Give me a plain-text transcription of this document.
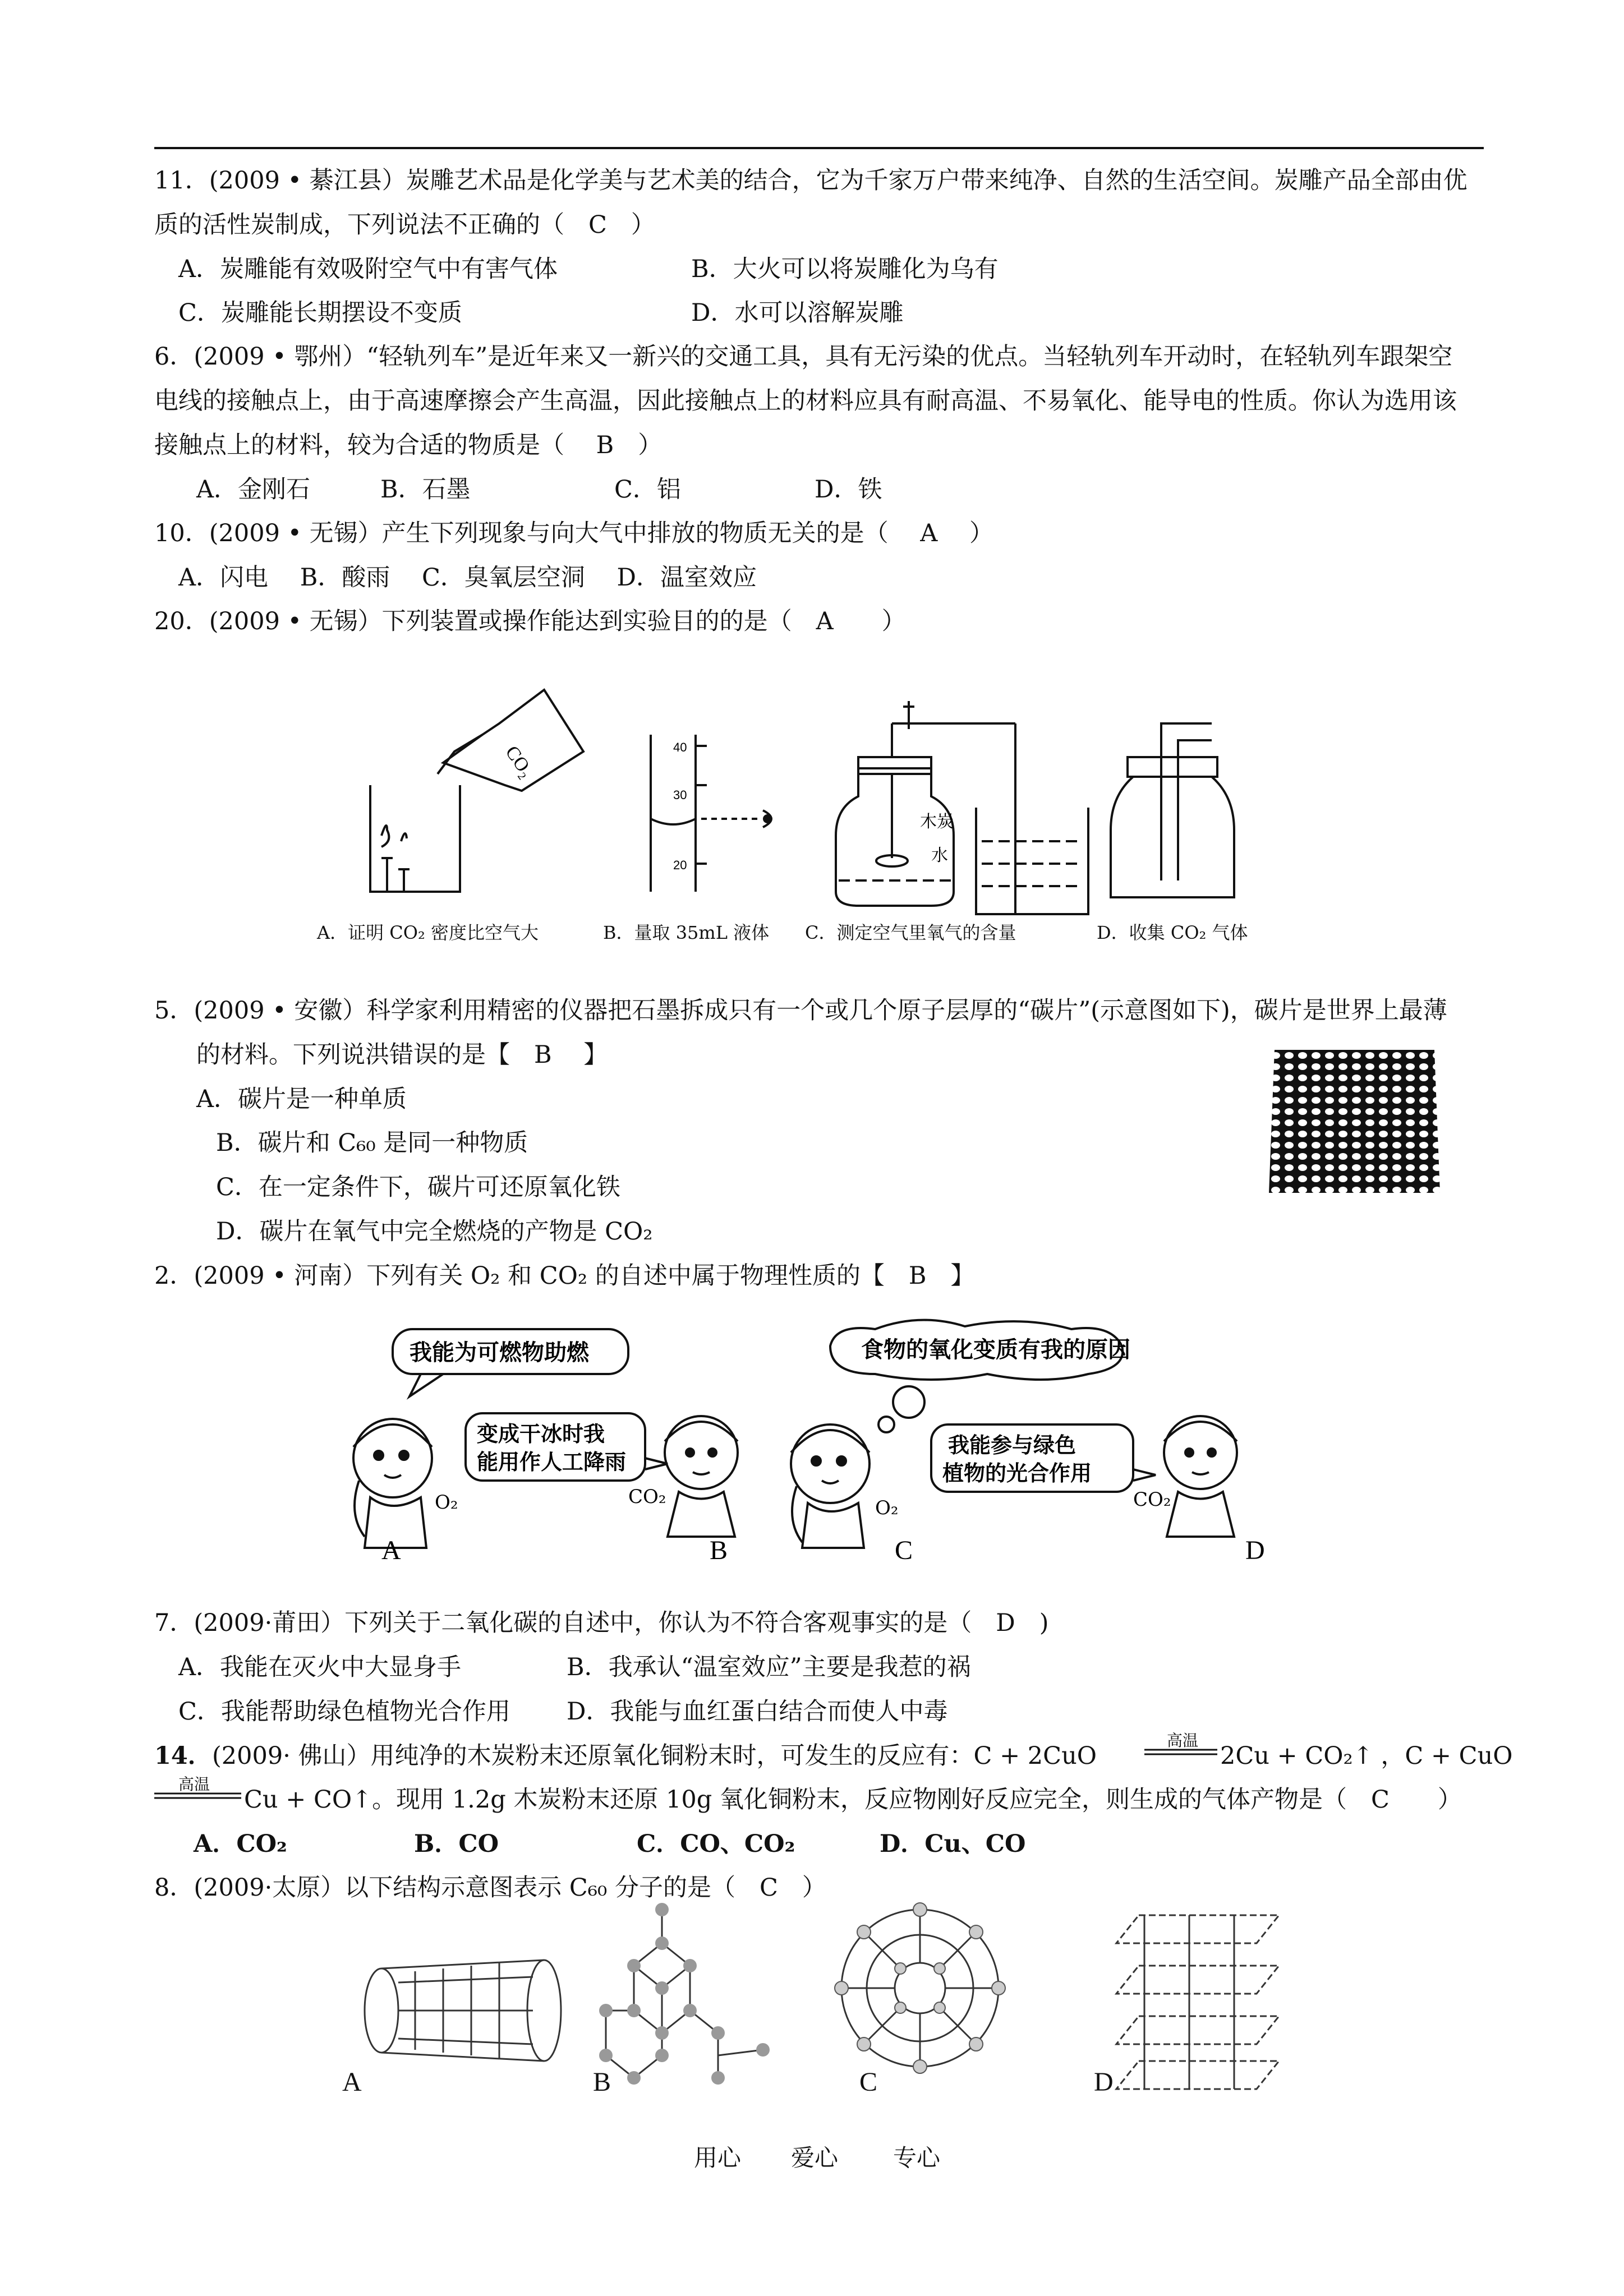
11．(2009 • 綦江县）炭雕艺术品是化学美与艺术美的结合，它为千家万户带来纯净、自然的生活空间。炭雕产品全部由优
质的活性炭制成，下列说法不正确的（　C　）
A．炭雕能有效吸附空气中有害气体	B．大火可以将炭雕化为乌有
C．炭雕能长期摆设不变质	D．水可以溶解炭雕
6．(2009 • 鄂州）“轻轨列车”是近年来又一新兴的交通工具，具有无污染的优点。当轻轨列车开动时，在轻轨列车跟架空
电线的接触点上，由于高速摩擦会产生高温，因此接触点上的材料应具有耐高温、不易氧化、能导电的性质。你认为选用该
接触点上的材料，较为合适的物质是（　 B　）
A．金刚石	B．石墨	C．铝	D．铁
10．(2009 • 无锡）产生下列现象与向大气中排放的物质无关的是（　 A　 ）
A．闪电　 B．酸雨　 C．臭氧层空洞　 D．温室效应
20．(2009 • 无锡）下列装置或操作能达到实验目的的是（　A　　）
CO₂	40
30
20
木炭
水
A．证明 CO₂ 密度比空气大	B．量取 35mL 液体 C．测定空气里氧气的含量	D．收集 CO₂ 气体
5．(2009 • 安徽）科学家利用精密的仪器把石墨拆成只有一个或几个原子层厚的“碳片”(示意图如下)，碳片是世界上最薄
的材料。下列说洪错误的是【　B　 】
A．碳片是一种单质
B．碳片和 C₆₀ 是同一种物质
C．在一定条件下，碳片可还原氧化铁
D．碳片在氧气中完全燃烧的产物是 CO₂
2．(2009 • 河南）下列有关 O₂ 和 CO₂ 的自述中属于物理性质的【　B　】
我能为可燃物助燃
变成干冰时我
能用作人工降雨
食物的氧化变质有我的原因
我能参与绿色
植物的光合作用
O₂	CO₂	O₂	CO₂
A	B	C	D
7．(2009·莆田）下列关于二氧化碳的自述中，你认为不符合客观事实的是（　D　)
A．我能在灭火中大显身手	B．我承认“温室效应”主要是我惹的祸
C．我能帮助绿色植物光合作用 D．我能与血红蛋白结合而使人中毒
14． (2009· 佛山）用纯净的木炭粉末还原氧化铜粉末时，可发生的反应有：C + 2CuO
高温
2Cu + CO₂↑ ，C + CuO
高温
Cu + CO↑。现用 1.2g 木炭粉末还原 10g 氧化铜粉末，反应物刚好反应完全，则生成的气体产物是（　C　　）
A．CO₂	B．CO	C．CO、CO₂	D．Cu、CO
8．(2009·太原）以下结构示意图表示 C₆₀ 分子的是（　C　）
A	B	C	D
用心 爱心 专心
